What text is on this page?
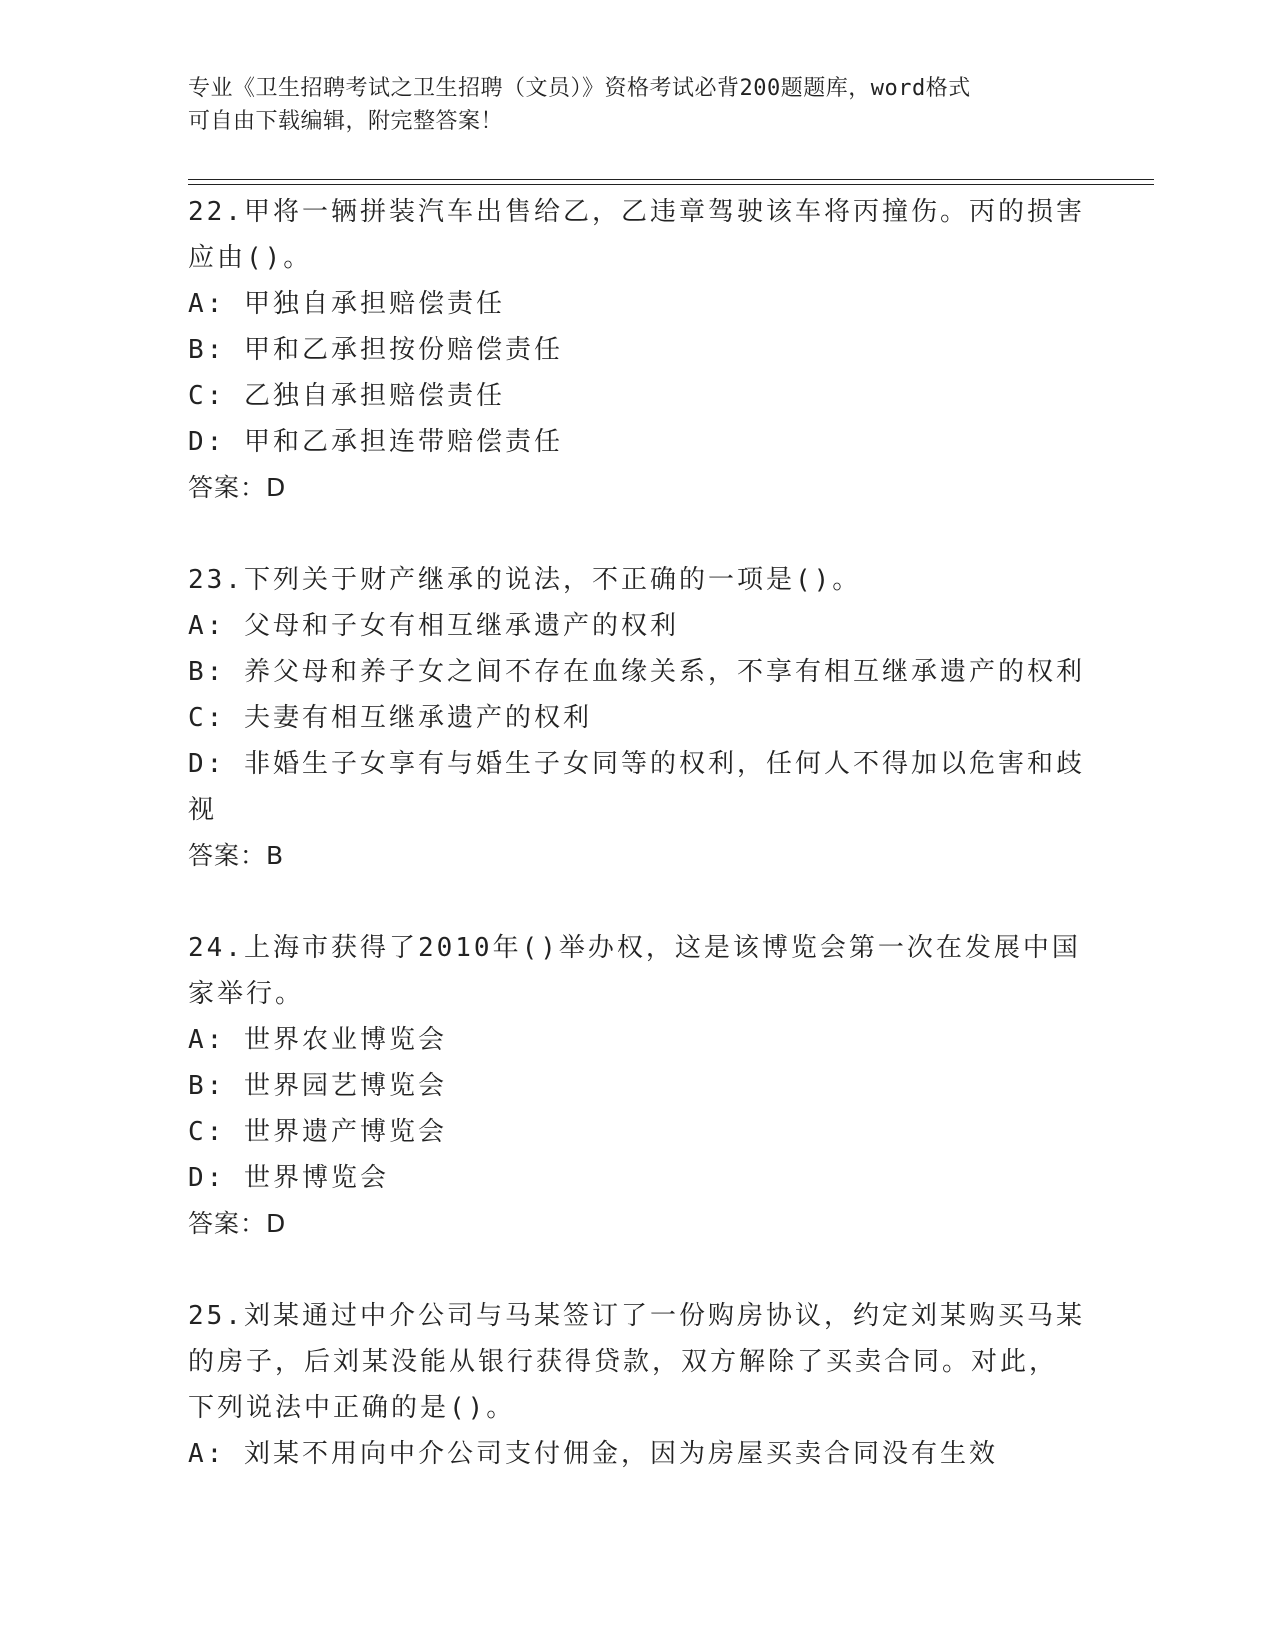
专业《卫生招聘考试之卫生招聘（文员）》资格考试必背200题题库，word格式

可自由下载编辑，附完整答案！

22.甲将一辆拼装汽车出售给乙，乙违章驾驶该车将丙撞伤。丙的损害

应由()。

A: 甲独自承担赔偿责任

B: 甲和乙承担按份赔偿责任

C: 乙独自承担赔偿责任

D: 甲和乙承担连带赔偿责任

答案：D

23.下列关于财产继承的说法，不正确的一项是()。

A: 父母和子女有相互继承遗产的权利

B: 养父母和养子女之间不存在血缘关系，不享有相互继承遗产的权利

C: 夫妻有相互继承遗产的权利

D: 非婚生子女享有与婚生子女同等的权利，任何人不得加以危害和歧

视

答案：B

24.上海市获得了2010年()举办权，这是该博览会第一次在发展中国

家举行。

A: 世界农业博览会

B: 世界园艺博览会

C: 世界遗产博览会

D: 世界博览会

答案：D

25.刘某通过中介公司与马某签订了一份购房协议，约定刘某购买马某

的房子，后刘某没能从银行获得贷款，双方解除了买卖合同。对此，

下列说法中正确的是()。

A: 刘某不用向中介公司支付佣金，因为房屋买卖合同没有生效
